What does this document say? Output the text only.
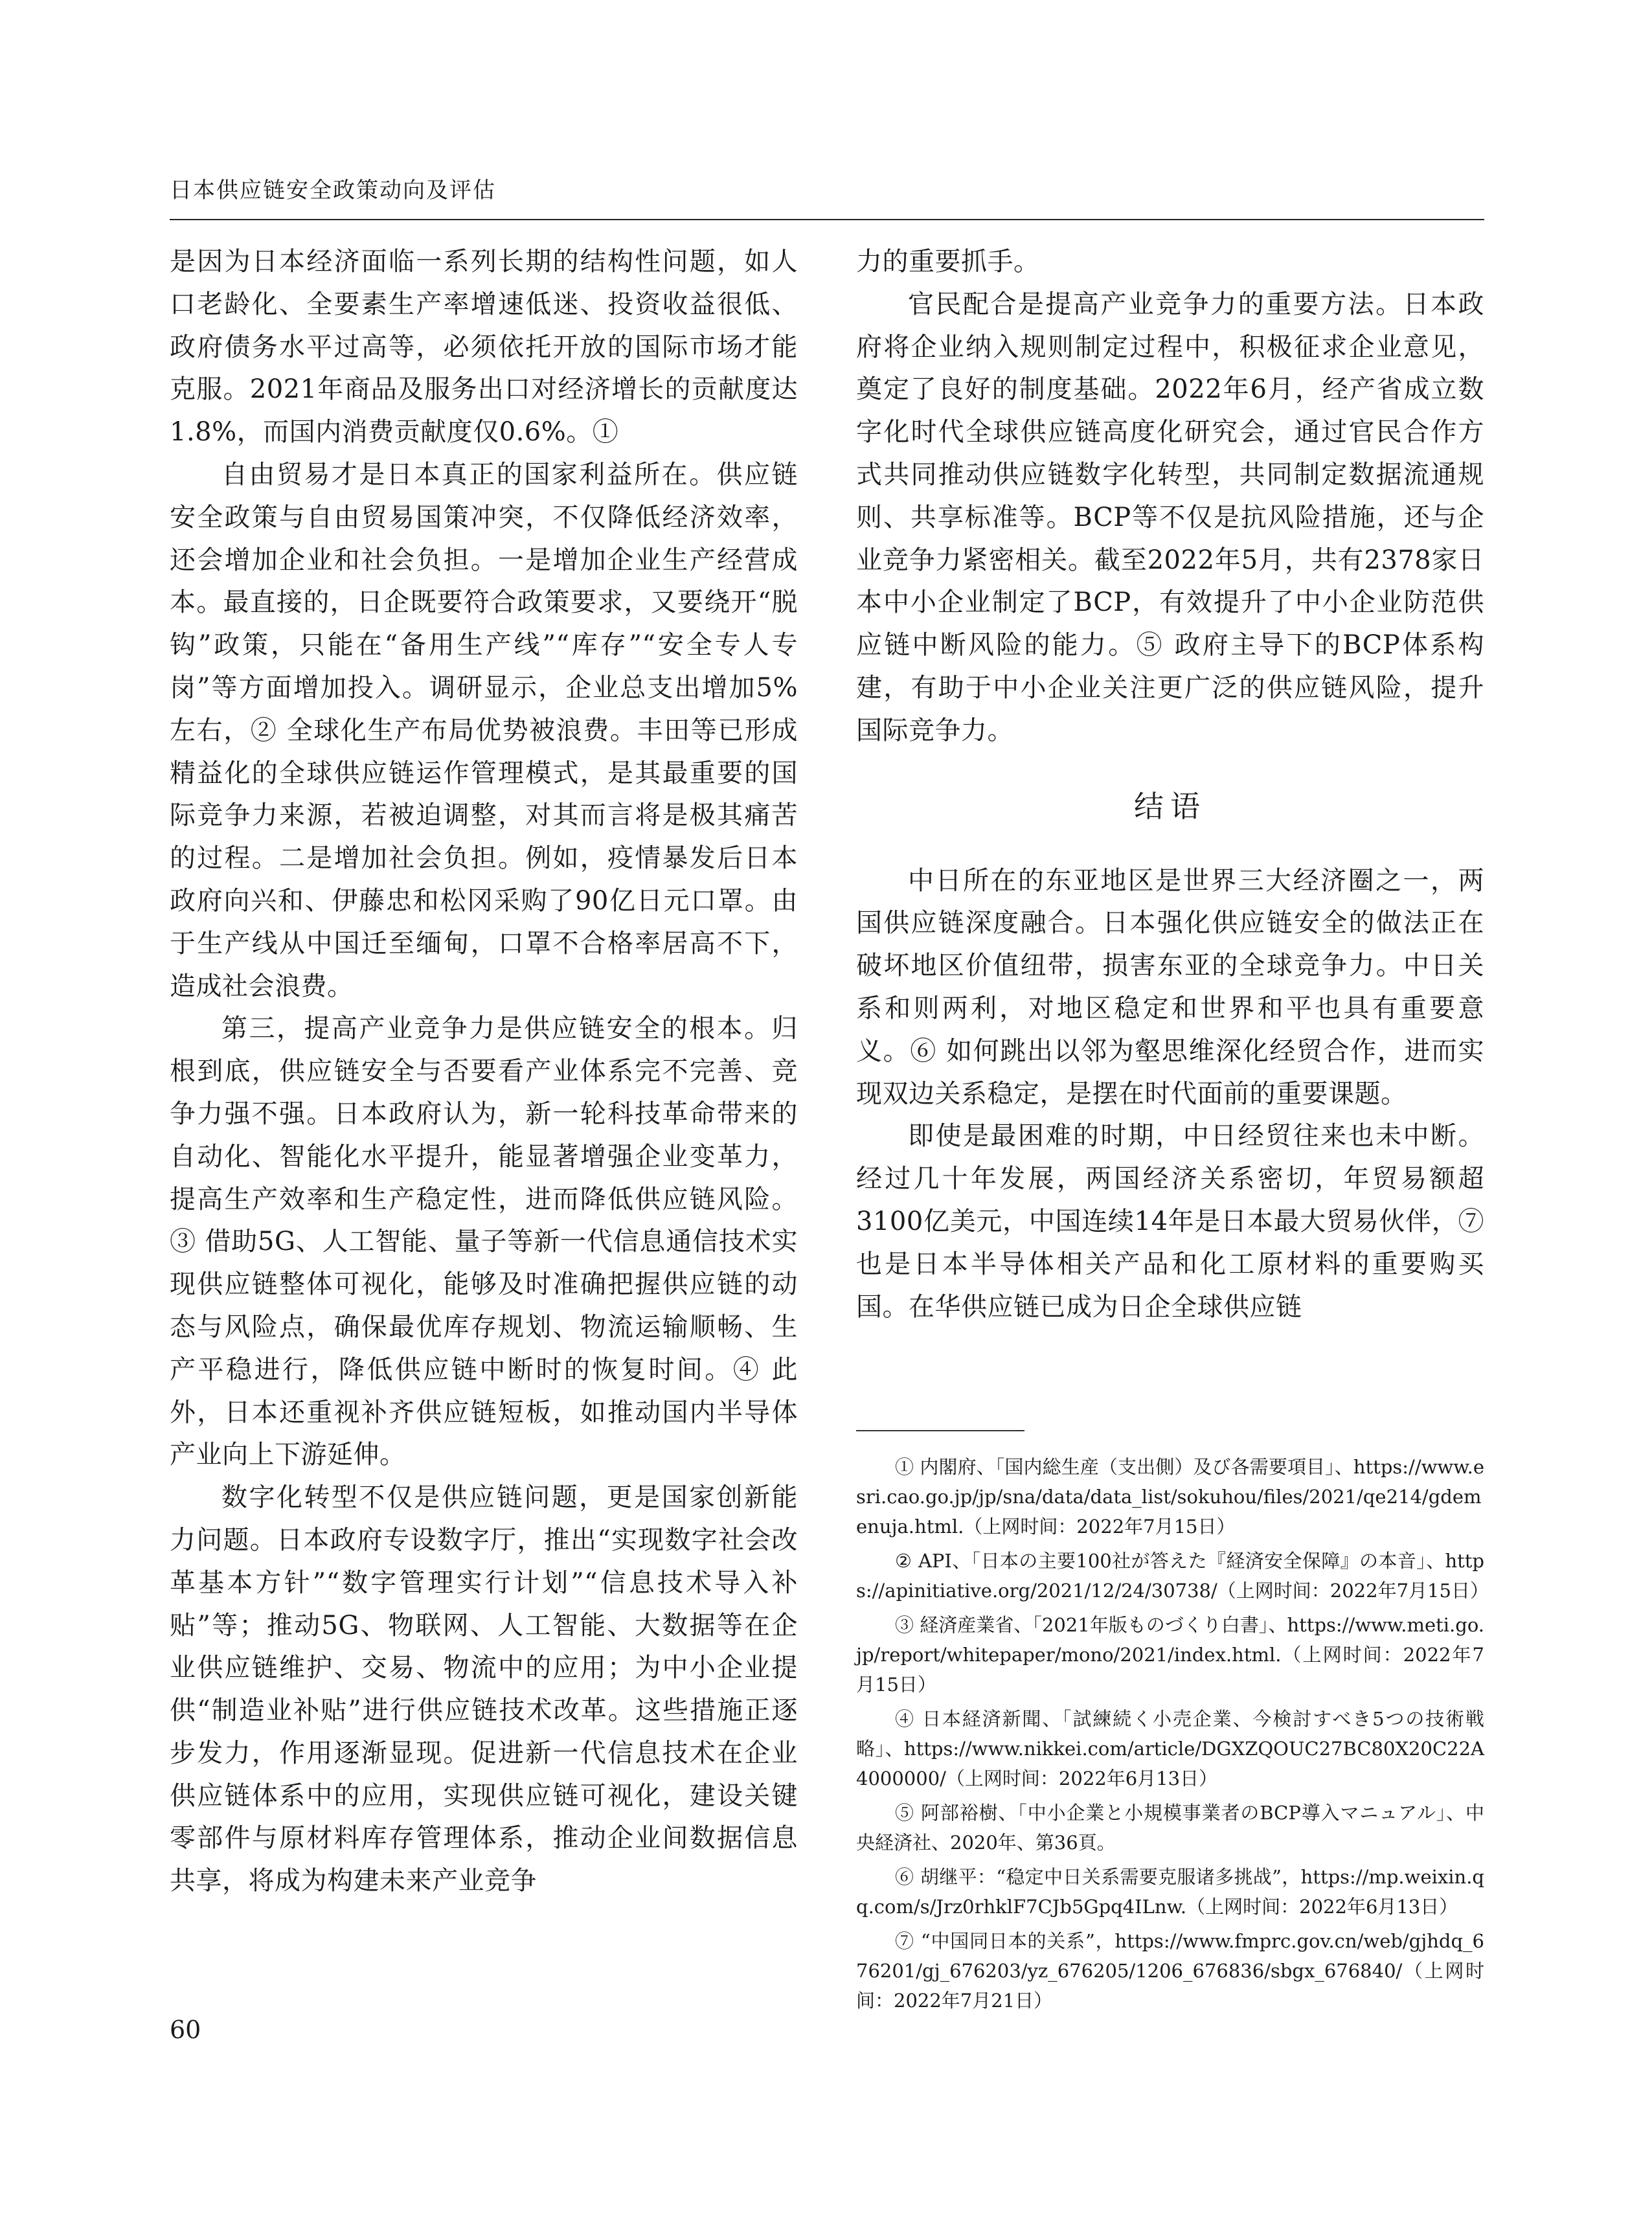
日本供应链安全政策动向及评估

是因为日本经济面临一系列长期的结构性问题，如人口老龄化、全要素生产率增速低迷、投资收益很低、政府债务水平过高等，必须依托开放的国际市场才能克服。2021年商品及服务出口对经济增长的贡献度达1.8%，而国内消费贡献度仅0.6%。①

自由贸易才是日本真正的国家利益所在。供应链安全政策与自由贸易国策冲突，不仅降低经济效率，还会增加企业和社会负担。一是增加企业生产经营成本。最直接的，日企既要符合政策要求，又要绕开“脱钩”政策，只能在“备用生产线”“库存”“安全专人专岗”等方面增加投入。调研显示，企业总支出增加5%左右，② 全球化生产布局优势被浪费。丰田等已形成精益化的全球供应链运作管理模式，是其最重要的国际竞争力来源，若被迫调整，对其而言将是极其痛苦的过程。二是增加社会负担。例如，疫情暴发后日本政府向兴和、伊藤忠和松冈采购了90亿日元口罩。由于生产线从中国迁至缅甸，口罩不合格率居高不下，造成社会浪费。

第三，提高产业竞争力是供应链安全的根本。归根到底，供应链安全与否要看产业体系完不完善、竞争力强不强。日本政府认为，新一轮科技革命带来的自动化、智能化水平提升，能显著增强企业变革力，提高生产效率和生产稳定性，进而降低供应链风险。③ 借助5G、人工智能、量子等新一代信息通信技术实现供应链整体可视化，能够及时准确把握供应链的动态与风险点，确保最优库存规划、物流运输顺畅、生产平稳进行，降低供应链中断时的恢复时间。④ 此外，日本还重视补齐供应链短板，如推动国内半导体产业向上下游延伸。

数字化转型不仅是供应链问题，更是国家创新能力问题。日本政府专设数字厅，推出“实现数字社会改革基本方针”“数字管理实行计划”“信息技术导入补贴”等；推动5G、物联网、人工智能、大数据等在企业供应链维护、交易、物流中的应用；为中小企业提供“制造业补贴”进行供应链技术改革。这些措施正逐步发力，作用逐渐显现。促进新一代信息技术在企业供应链体系中的应用，实现供应链可视化，建设关键零部件与原材料库存管理体系，推动企业间数据信息共享，将成为构建未来产业竞争

力的重要抓手。

官民配合是提高产业竞争力的重要方法。日本政府将企业纳入规则制定过程中，积极征求企业意见，奠定了良好的制度基础。2022年6月，经产省成立数字化时代全球供应链高度化研究会，通过官民合作方式共同推动供应链数字化转型，共同制定数据流通规则、共享标准等。BCP等不仅是抗风险措施，还与企业竞争力紧密相关。截至2022年5月，共有2378家日本中小企业制定了BCP，有效提升了中小企业防范供应链中断风险的能力。⑤ 政府主导下的BCP体系构建，有助于中小企业关注更广泛的供应链风险，提升国际竞争力。

结语

中日所在的东亚地区是世界三大经济圈之一，两国供应链深度融合。日本强化供应链安全的做法正在破坏地区价值纽带，损害东亚的全球竞争力。中日关系和则两利，对地区稳定和世界和平也具有重要意义。⑥ 如何跳出以邻为壑思维深化经贸合作，进而实现双边关系稳定，是摆在时代面前的重要课题。

即使是最困难的时期，中日经贸往来也未中断。经过几十年发展，两国经济关系密切，年贸易额超3100亿美元，中国连续14年是日本最大贸易伙伴，⑦ 也是日本半导体相关产品和化工原材料的重要购买国。在华供应链已成为日企全球供应链

① 内閣府、「国内総生産（支出側）及び各需要項目」、https://www.esri.cao.go.jp/jp/sna/data/data_list/sokuhou/files/2021/qe214/gdemenuja.html.（上网时间：2022年7月15日）

② API、「日本の主要100社が答えた『経済安全保障』の本音」、https://apinitiative.org/2021/12/24/30738/（上网时间：2022年7月15日）

③ 経済産業省、「2021年版ものづくり白書」、https://www.meti.go.jp/report/whitepaper/mono/2021/index.html.（上网时间：2022年7月15日）

④ 日本経済新聞、「試練続く小売企業、今検討すべき5つの技術戦略」、https://www.nikkei.com/article/DGXZQOUC27BC80X20C22A4000000/（上网时间：2022年6月13日）

⑤ 阿部裕樹、「中小企業と小規模事業者のBCP導入マニュアル」、中央経済社、2020年、第36頁。

⑥ 胡继平：“稳定中日关系需要克服诸多挑战”，https://mp.weixin.qq.com/s/Jrz0rhklF7CJb5Gpq4ILnw.（上网时间：2022年6月13日）

⑦ “中国同日本的关系”，https://www.fmprc.gov.cn/web/gjhdq_676201/gj_676203/yz_676205/1206_676836/sbgx_676840/（上网时间：2022年7月21日）

60
